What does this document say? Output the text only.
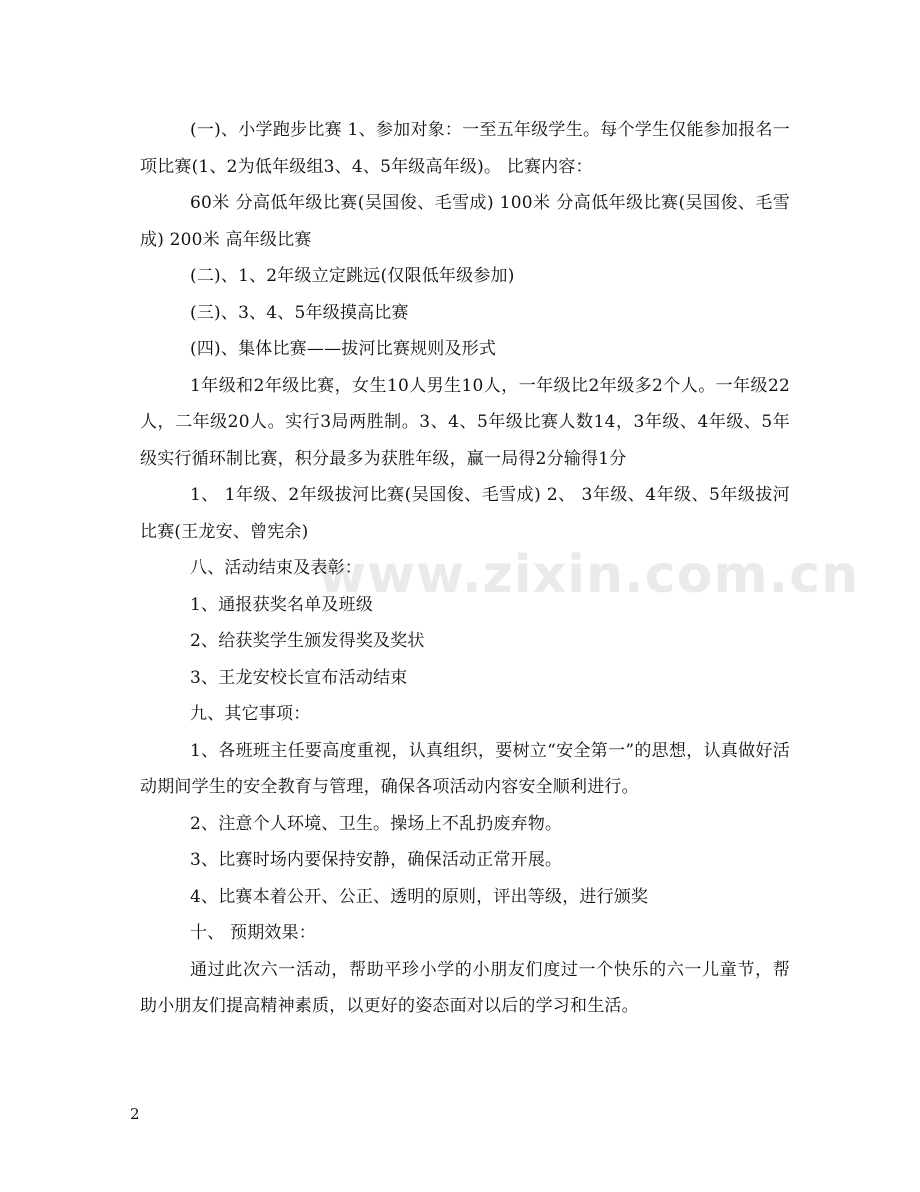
www.zixin.com.cn

(一)、小学跑步比赛 1、参加对象：一至五年级学生。每个学生仅能参加报名一项比赛(1、2为低年级组3、4、5年级高年级)。 比赛内容：

60米 分高低年级比赛(吴国俊、毛雪成) 100米 分高低年级比赛(吴国俊、毛雪成) 200米 高年级比赛

(二)、1、2年级立定跳远(仅限低年级参加)

(三)、3、4、5年级摸高比赛

(四)、集体比赛——拔河比赛规则及形式

1年级和2年级比赛，女生10人男生10人，一年级比2年级多2个人。一年级22人，二年级20人。实行3局两胜制。3、4、5年级比赛人数14，3年级、4年级、5年级实行循环制比赛，积分最多为获胜年级，赢一局得2分输得1分

1、 1年级、2年级拔河比赛(吴国俊、毛雪成) 2、 3年级、4年级、5年级拔河比赛(王龙安、曾宪余)

八、活动结束及表彰：

1、通报获奖名单及班级

2、给获奖学生颁发得奖及奖状

3、王龙安校长宣布活动结束

九、其它事项：

1、各班班主任要高度重视，认真组织，要树立“安全第一”的思想，认真做好活动期间学生的安全教育与管理，确保各项活动内容安全顺利进行。

2、注意个人环境、卫生。操场上不乱扔废弃物。

3、比赛时场内要保持安静，确保活动正常开展。

4、比赛本着公开、公正、透明的原则，评出等级，进行颁奖

十、 预期效果：

通过此次六一活动，帮助平珍小学的小朋友们度过一个快乐的六一儿童节，帮助小朋友们提高精神素质，以更好的姿态面对以后的学习和生活。

2
